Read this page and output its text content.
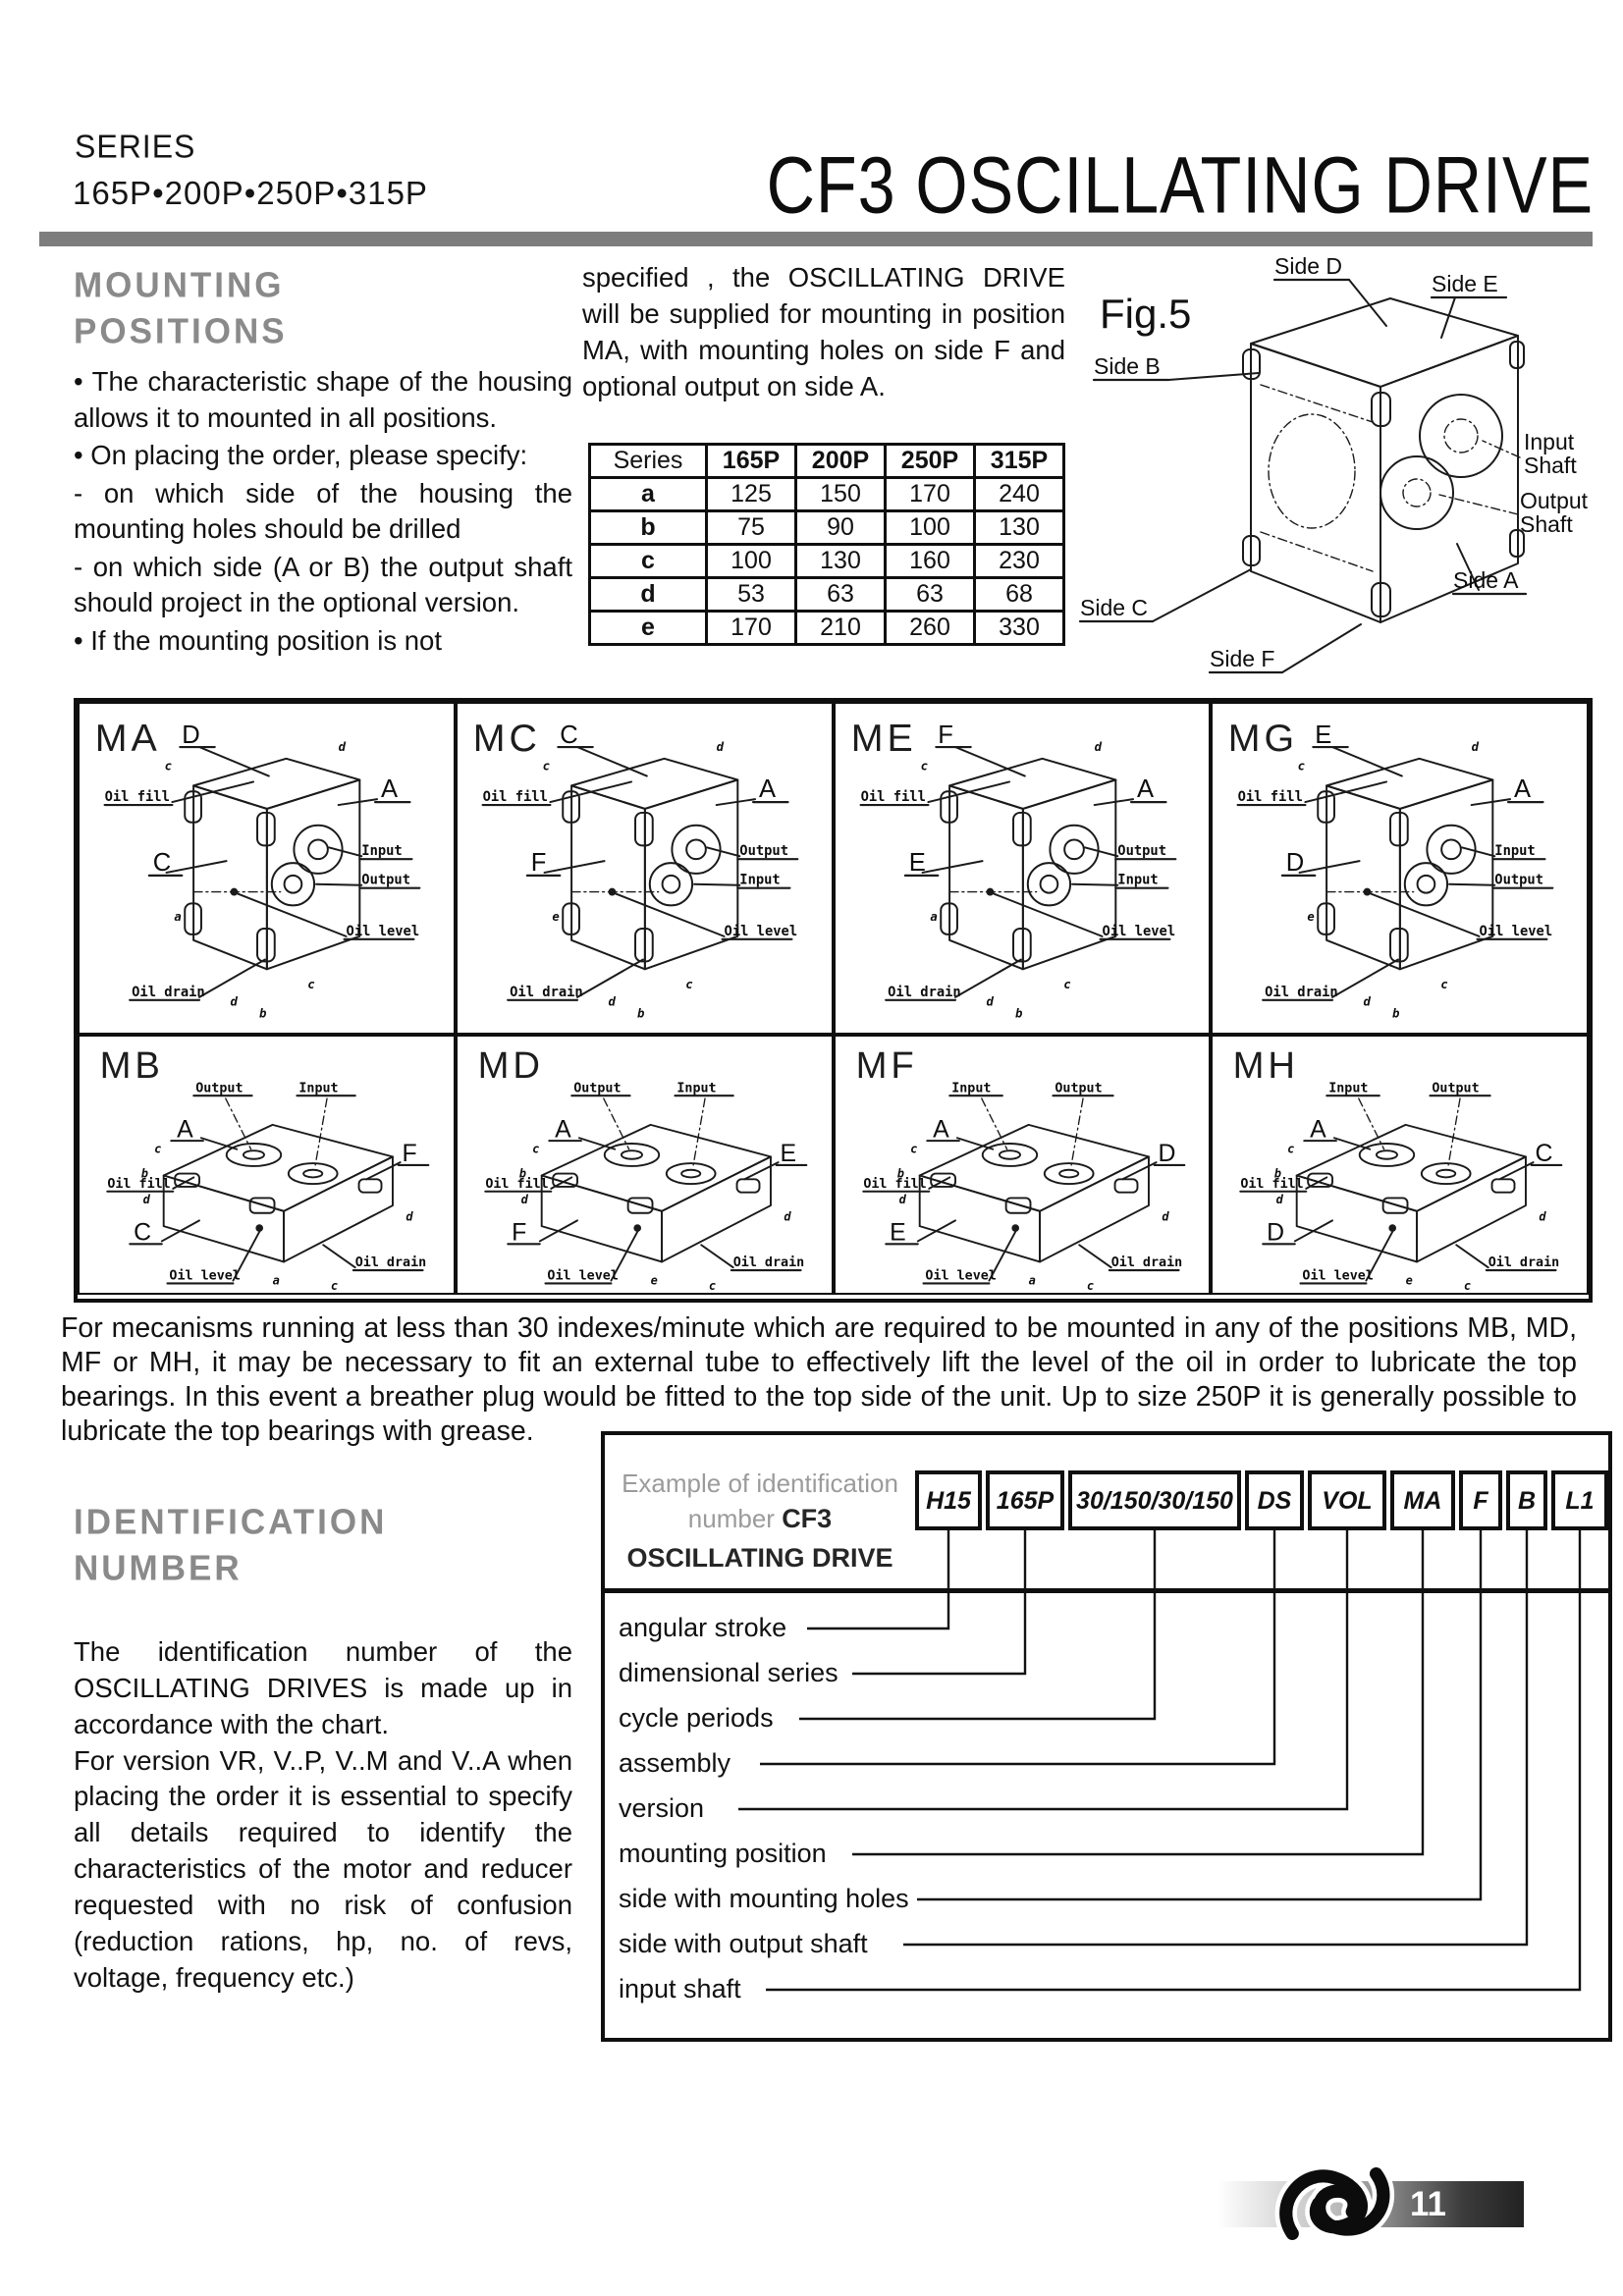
SERIES
165P•200P•250P•315P	CF3 OSCILLATING DRIVE
MOUNTING
POSITIONS

• The characteristic shape of the housing allows it to mounted in all positions.

• On placing the order, please specify:

- on which side of the housing the mounting holes should be drilled

- on which side (A or B) the output shaft should project in the optional version.

• If the mounting position is not

specified , the OSCILLATING DRIVE will be supplied for mounting in position MA, with mounting holes on side F and optional output on side A.

Series	165P	200P	250P	315P
a	125	150	170	240
b	75	90	100	130
c	100	130	160	230
d	53	63	63	68
e	170	210	260	330
Fig.5
Side D
Side E
Side B
Input
Shaft
Output
Shaft
Side A
Side C
Side F
MA D
A
C
Oil fill
Input
Output
Oil level
Oil drain
c
d
a
b
d
c
MC C
A
F
Oil fill
Output
Input
Oil level
Oil drain
c
d
e
b
d
c
ME F
A
E
Oil fill
Output
Input
Oil level
Oil drain
c
d
a
b
d
c
MG E
A
D
Oil fill
Input
Output
Oil level
Oil drain
c
d
e
b
d
c
MB
Output	Input
A
F
C
Oil fill
Oil level
Oil drain
c
b
d
d
a	c
MD
Output	Input
A
E
F
Oil fill
Oil level
Oil drain
c
b
d
d
e	c
MF
Input	Output
A
D
E
Oil fill
Oil level
Oil drain
c
b
d
d
a	c
MH
Input	Output
A
C
D
Oil fill
Oil level
Oil drain
c
b
d
d
e	c

For mecanisms running at less than 30 indexes/minute which are required to be mounted in any of the positions MB, MD, MF or MH, it may be necessary to fit an external tube to effectively lift the level of the oil in order to lubricate the top bearings. In this event a breather plug would be fitted to the top side of the unit. Up to size 250P it is generally possible to lubricate the top bearings with grease.

IDENTIFICATION
NUMBER

The identification number of the OSCILLATING DRIVES is made up in accordance with the chart.

For version VR, V..P, V..M and V..A when placing the order it is essential to specify all details required to identify the characteristics of the motor and reducer requested with no risk of confusion (reduction rations, hp, no. of revs, voltage, frequency etc.)

Example of identification
number CF3
OSCILLATING DRIVE
H15 165P 30/150/30/150 DS VOL MA F B L1
angular stroke
dimensional series
cycle periods
assembly
version
mounting position
side with mounting holes
side with output shaft
input shaft
11
